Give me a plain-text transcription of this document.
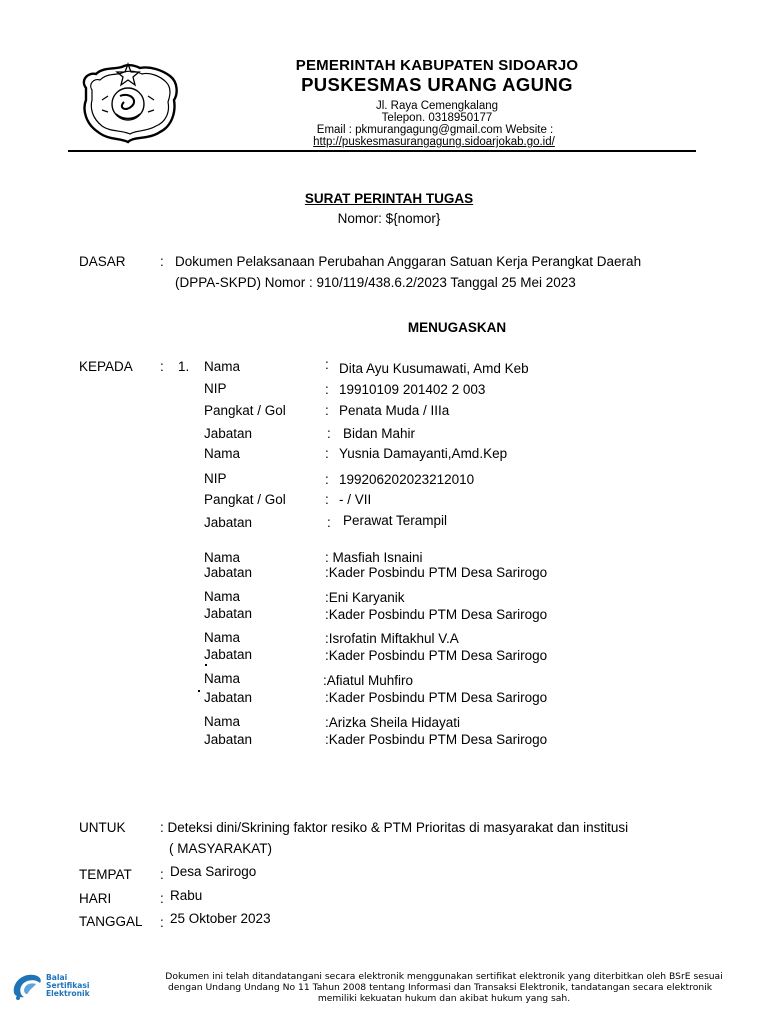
PEMERINTAH KABUPATEN SIDOARJO
PUSKESMAS URANG AGUNG
Jl. Raya Cemengkalang
Telepon. 0318950177
Email : pkmurangagung@gmail.com Website :
http://puskesmasurangagung.sidoarjokab.go.id/
SURAT PERINTAH TUGAS
Nomor: ${nomor}
DASAR	: Dokumen Pelaksanaan Perubahan Anggaran Satuan Kerja Perangkat Daerah
(DPPA-SKPD) Nomor : 910/119/438.6.2/2023 Tanggal 25 Mei 2023
MENUGASKAN
KEPADA : 1. Nama	: Dita Ayu Kusumawati, Amd Keb
NIP	: 19910109 201402 2 003
Pangkat / Gol	: Penata Muda / IIIa
Jabatan	: Bidan Mahir
Nama	: Yusnia Damayanti,Amd.Kep
NIP	: 199206202023212010
Pangkat / Gol	: - / VII
Jabatan	: Perawat Terampil
Nama	: Masfiah Isnaini
Jabatan	:Kader Posbindu PTM Desa Sarirogo
Nama	:Eni Karyanik
Jabatan	:Kader Posbindu PTM Desa Sarirogo
Nama	:Isrofatin Miftakhul V.A
Jabatan	:Kader Posbindu PTM Desa Sarirogo
Nama	:Afiatul Muhfiro
Jabatan	:Kader Posbindu PTM Desa Sarirogo
Nama	:Arizka Sheila Hidayati
Jabatan	:Kader Posbindu PTM Desa Sarirogo
UNTUK	: Deteksi dini/Skrining faktor resiko & PTM Prioritas di masyarakat dan institusi
( MASYARAKAT)
TEMPAT : Desa Sarirogo
HARI	: Rabu
TANGGAL : 25 Oktober 2023
Balai
Sertifikasi
Elektronik
Dokumen ini telah ditandatangani secara elektronik menggunakan sertifikat elektronik yang diterbitkan oleh BSrE sesuai
dengan Undang Undang No 11 Tahun 2008 tentang Informasi dan Transaksi Elektronik, tandatangan secara elektronik
memiliki kekuatan hukum dan akibat hukum yang sah.
